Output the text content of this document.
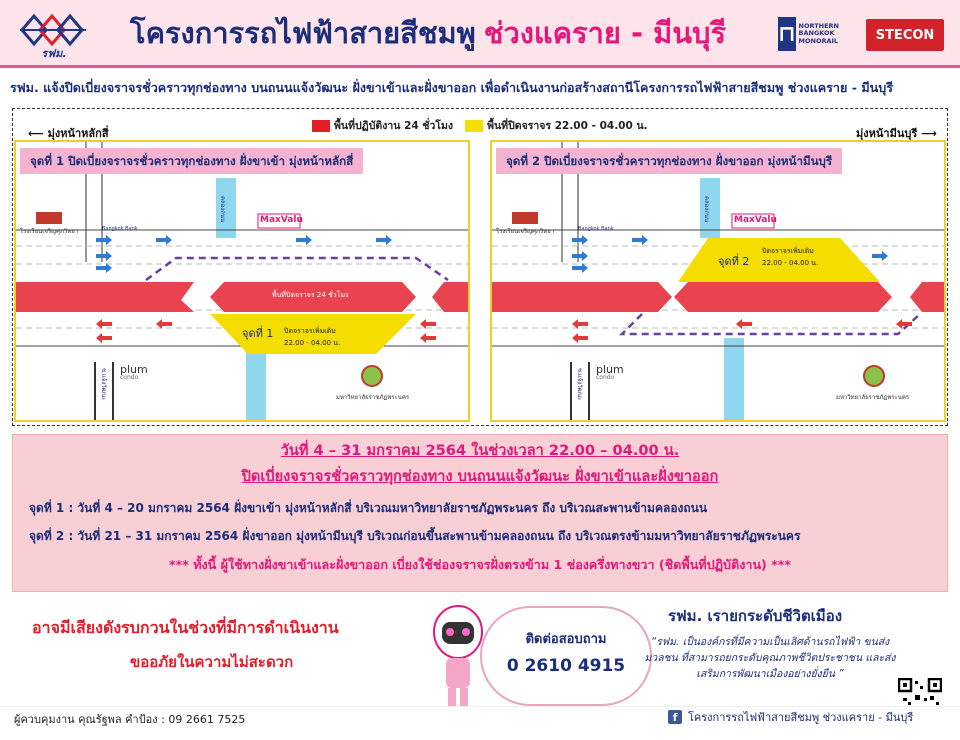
รฟม.
โครงการรถไฟฟ้าสายสีชมพู ช่วงแคราย - มีนบุรี ⊓ NORTHERN BANGKOK MONORAIL	STECON
รฟม. แจ้งปิดเบี่ยงจราจรชั่วคราวทุกช่องทาง บนถนนแจ้งวัฒนะ ฝั่งขาเข้าและฝั่งขาออก เพื่อดำเนินงานก่อสร้างสถานีโครงการรถไฟฟ้าสายสีชมพู ช่วงแคราย - มีนบุรี
⟵ มุ่งหน้าหลักสี่	มุ่งหน้ามีนบุรี ⟶
พื้นที่ปฏิบัติงาน 24 ชั่วโมง	พื้นที่ปิดจราจร 22.00 - 04.00 น.
จุดที่ 1 ปิดเบี่ยงจราจรชั่วคราวทุกช่องทาง ฝั่งขาเข้า มุ่งหน้าหลักสี่
MaxValu
โรงเรียนเจริญศุภวิทยา	Bangkok Bank
พื้นที่ปิดจราจร 24 ชั่วโมง
จุดที่ 1 ปิดจราจรเพิ่มเติม
22.00 - 04.00 น.
plum
condo
มหาวิทยาลัยราชภัฏพระนคร
จุดที่ 2 ปิดเบี่ยงจราจรชั่วคราวทุกช่องทาง ฝั่งขาออก มุ่งหน้ามีนบุรี
MaxValu
โรงเรียนเจริญศุภวิทยา	Bangkok Bank
จุดที่ 2
ปิดจราจรเพิ่มเติม
22.00 - 04.00 น.
plum
condo
มหาวิทยาลัยราชภัฏพระนคร
วันที่ 4 – 31 มกราคม 2564 ในช่วงเวลา 22.00 – 04.00 น.
ปิดเบี่ยงจราจรชั่วคราวทุกช่องทาง บนถนนแจ้งวัฒนะ ฝั่งขาเข้าและฝั่งขาออก
จุดที่ 1 : วันที่ 4 – 20 มกราคม 2564 ฝั่งขาเข้า มุ่งหน้าหลักสี่ บริเวณมหาวิทยาลัยราชภัฏพระนคร ถึง บริเวณสะพานข้ามคลองถนน
จุดที่ 2 : วันที่ 21 – 31 มกราคม 2564 ฝั่งขาออก มุ่งหน้ามีนบุรี บริเวณก่อนขึ้นสะพานข้ามคลองถนน ถึง บริเวณตรงข้ามมหาวิทยาลัยราชภัฏพระนคร
*** ทั้งนี้ ผู้ใช้ทางฝั่งขาเข้าและฝั่งขาออก เบี่ยงใช้ช่องจราจรฝั่งตรงข้าม 1 ช่องครึ่งทางขวา (ชิดพื้นที่ปฏิบัติงาน) ***
อาจมีเสียงดังรบกวนในช่วงที่มีการดำเนินงาน
ขออภัยในความไม่สะดวก
ติดต่อสอบถาม
0 2610 4915
รฟม. เรายกระดับชีวิตเมือง
“รฟม. เป็นองค์กรที่มีความเป็นเลิศด้านรถไฟฟ้า ขนส่งมวลชน ที่สามารถยกระดับคุณภาพชีวิตประชาชน และส่งเสริมการพัฒนาเมืองอย่างยั่งยืน ”
ผู้ควบคุมงาน คุณรัฐพล คำป้อง : 09 2661 7525	f โครงการรถไฟฟ้าสายสีชมพู ช่วงแคราย - มีนบุรี
คลองถนน	คลองถนน
ซ.แจ้งวัฒนะ	ซ.แจ้งวัฒนะ
